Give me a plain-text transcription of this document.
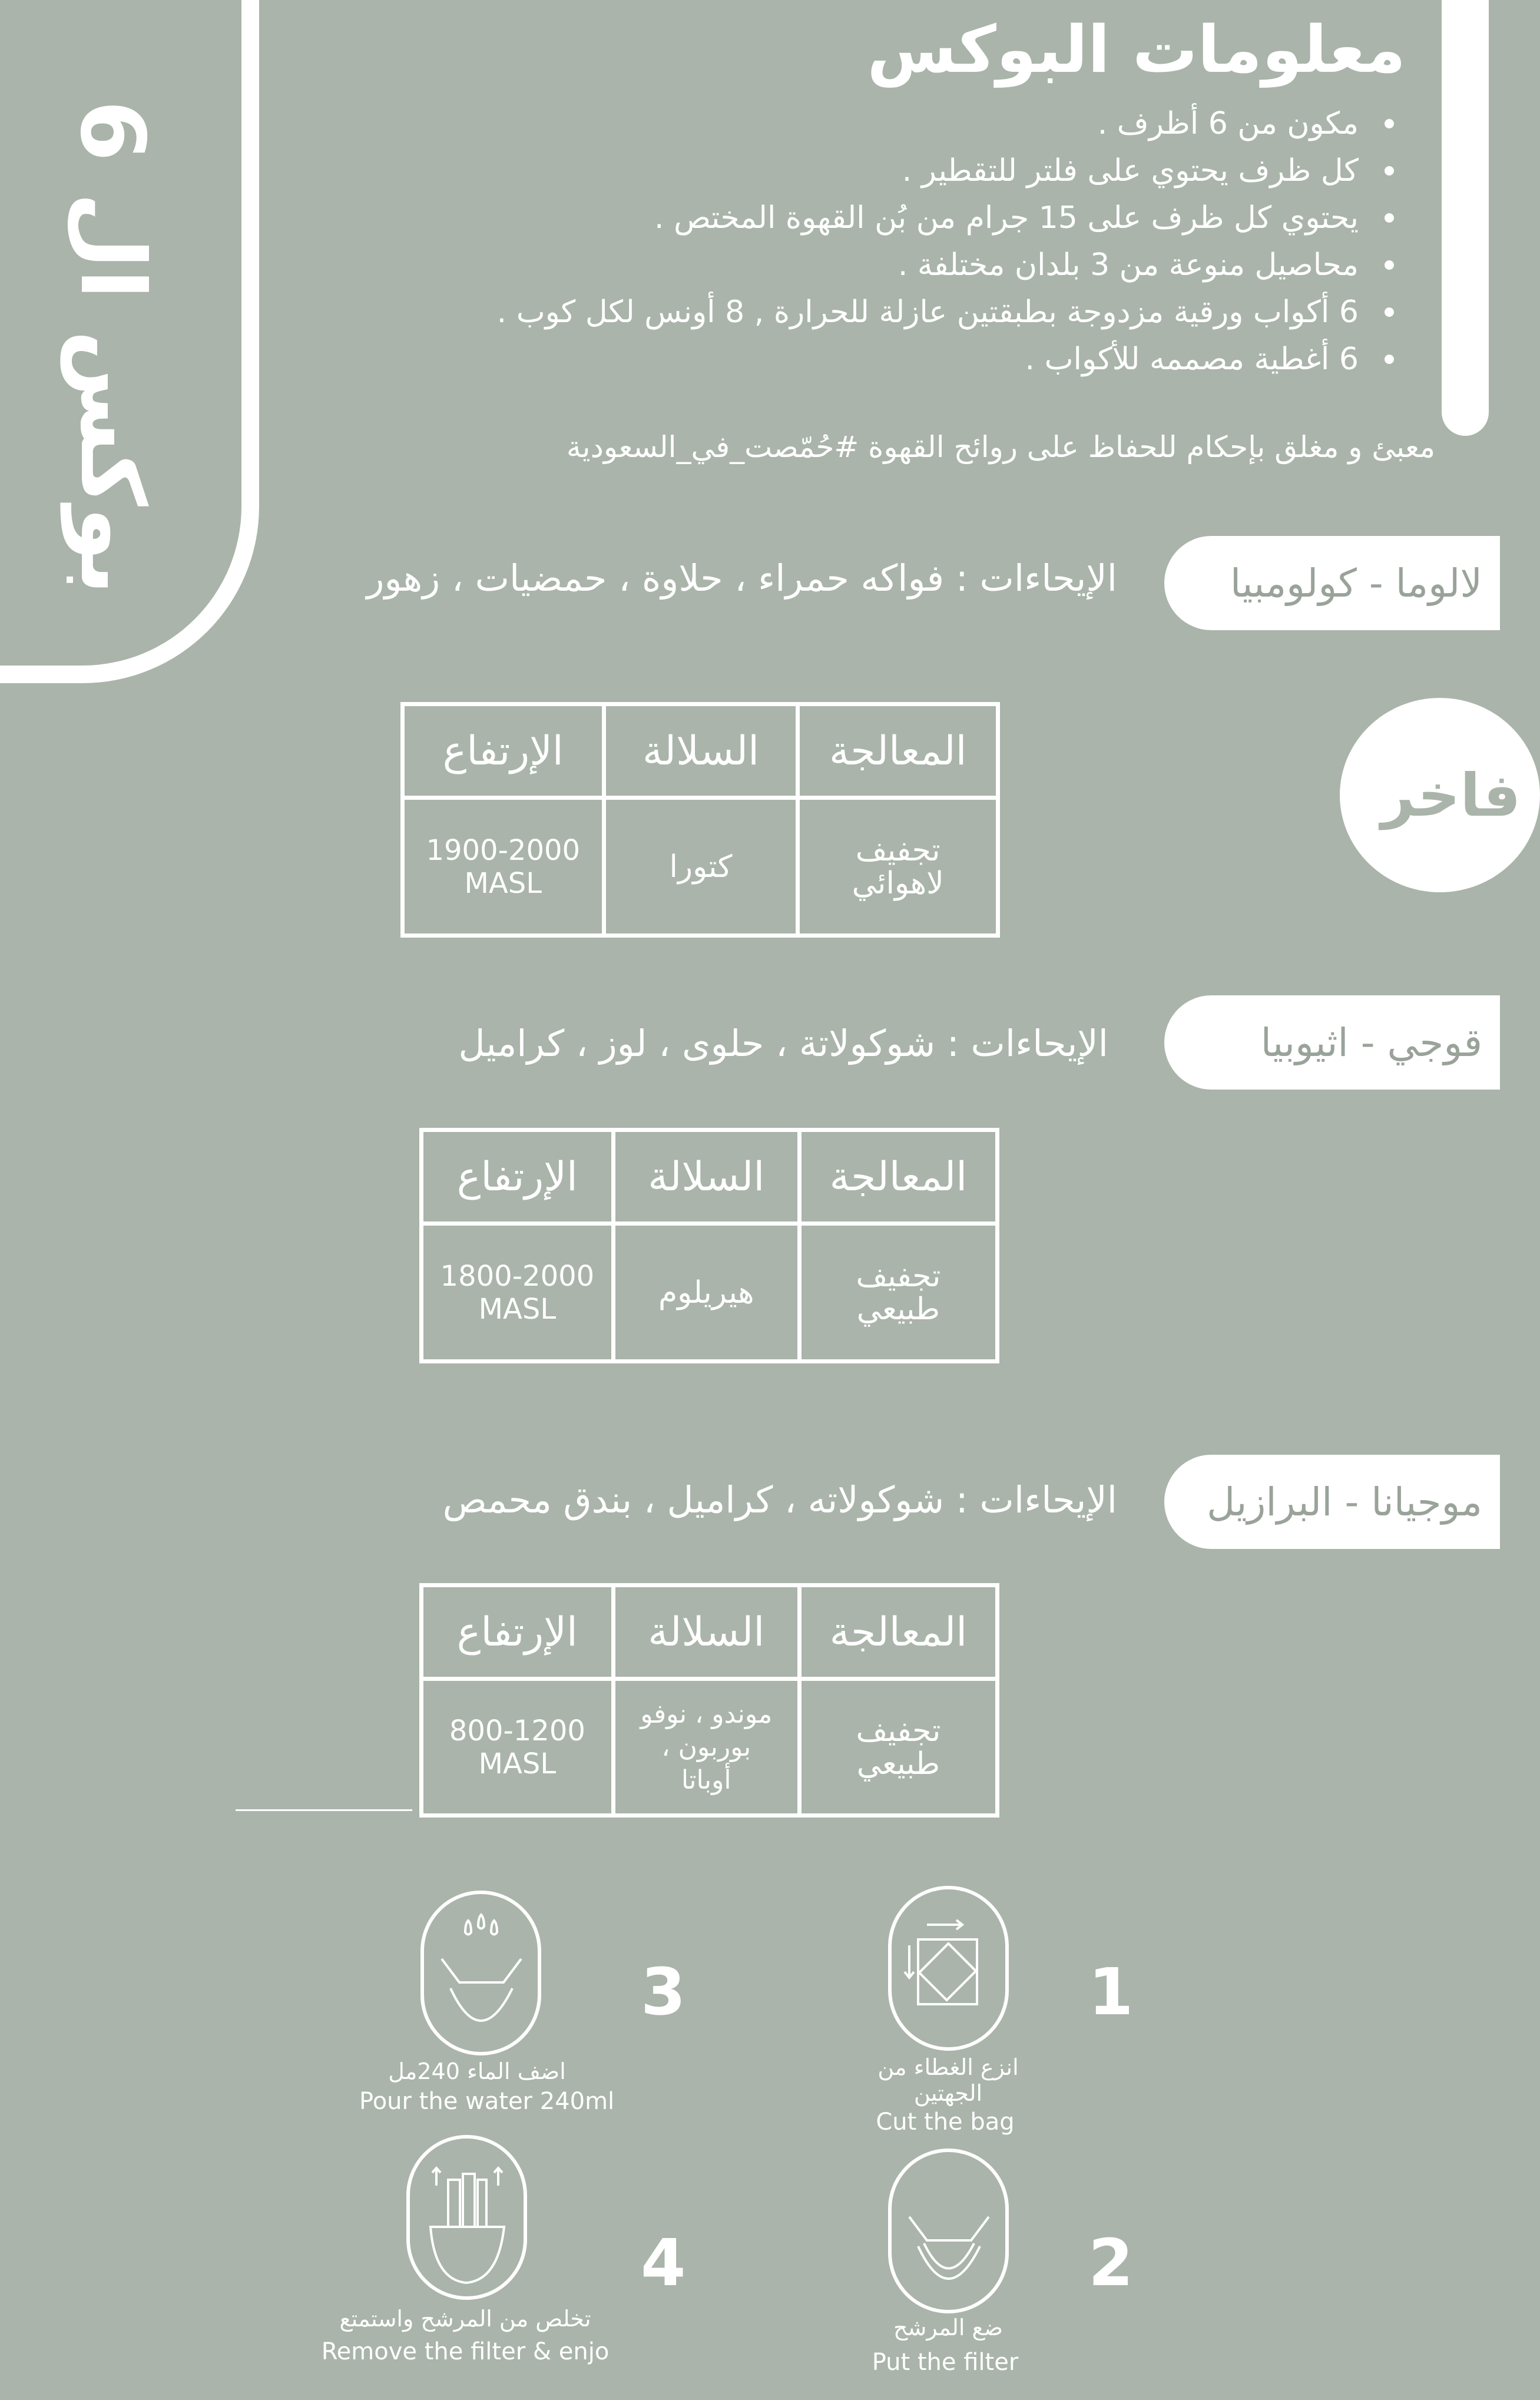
بوكس ال 6
معلومات البوكس
مكون من 6 أظرف .
كل ظرف يحتوي على فلتر للتقطير .
يحتوي كل ظرف على 15 جرام من بُن القهوة المختص .
محاصيل منوعة من 3 بلدان مختلفة .
6 أكواب ورقية مزدوجة بطبقتين عازلة للحرارة , 8 أونس لكل كوب .
6 أغطية مصممه للأكواب .
معبئ و مغلق بإحكام للحفاظ على روائح القهوة #حُمّصت_في_السعودية
فاخر
لالوما - كولومبيا
الإيحاءات : فواكه حمراء ، حلاوة ، حمضيات ، زهور
المعالجة	السلالة	الإرتفاع
تجفيف لاهوائي	كتورا	1900-2000 MASL
قوجي - اثيوبيا
الإيحاءات : شوكولاتة ، حلوى ، لوز ، كراميل
المعالجة	السلالة	الإرتفاع
تجفيف طبيعي	هيريلوم	1800-2000 MASL
موجيانا - البرازيل
الإيحاءات : شوكولاته ، كراميل ، بندق محمص
المعالجة	السلالة	الإرتفاع
تجفيف طبيعي	موندو ، نوفو بوربون ، أوباتا	800-1200 MASL
1
انزع الغطاء من الجهتين
Cut the bag
2
ضع المرشح
Put the filter
3
اضف الماء 240مل
Pour the water 240ml
4
تخلص من المرشح واستمتع
Remove the filter & enjo
